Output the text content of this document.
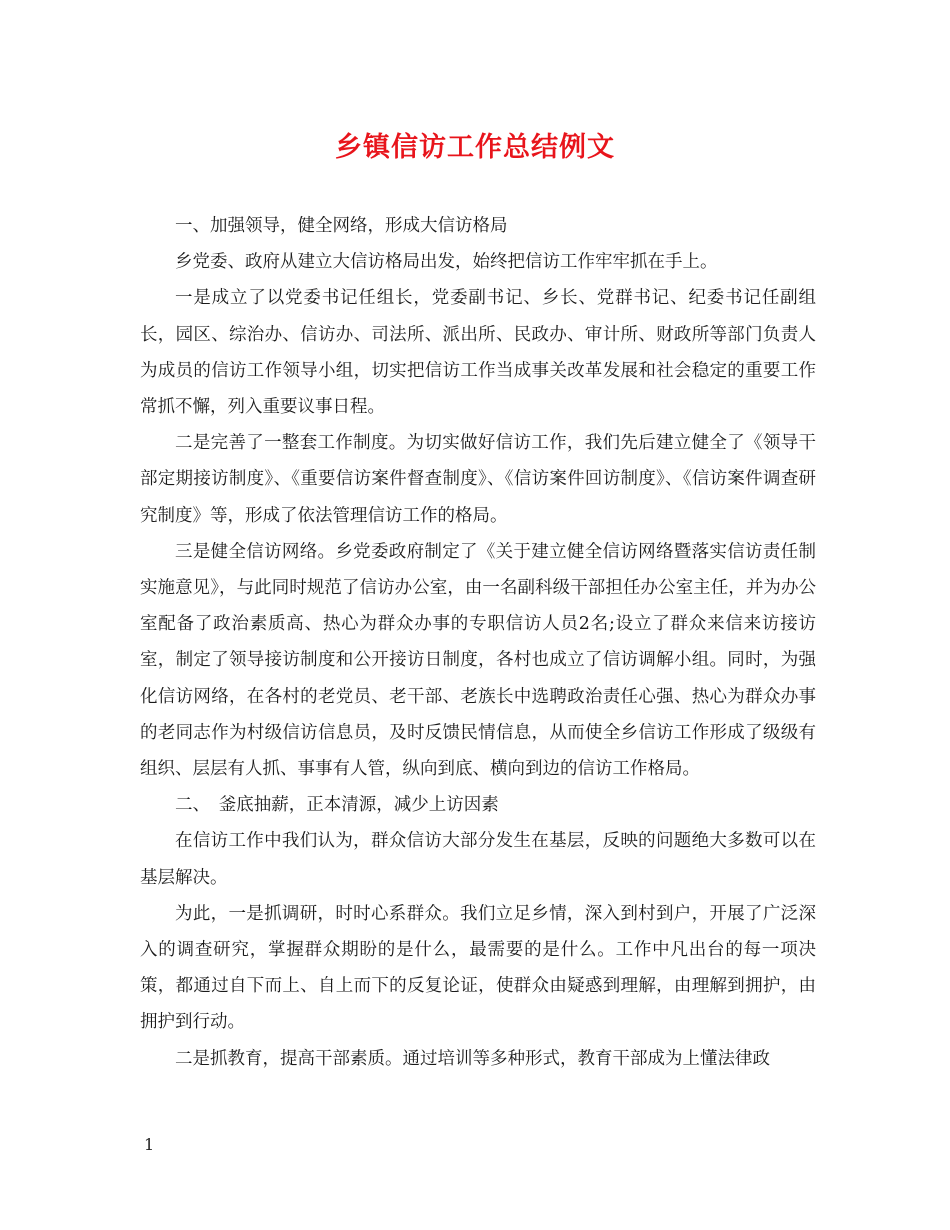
乡镇信访工作总结例文

一、加强领导，健全网络，形成大信访格局

乡党委、政府从建立大信访格局出发，始终把信访工作牢牢抓在手上。

一是成立了以党委书记任组长，党委副书记、乡长、党群书记、纪委书记任副组长，园区、综治办、信访办、司法所、派出所、民政办、审计所、财政所等部门负责人为成员的信访工作领导小组，切实把信访工作当成事关改革发展和社会稳定的重要工作常抓不懈，列入重要议事日程。

二是完善了一整套工作制度。为切实做好信访工作，我们先后建立健全了《领导干部定期接访制度》、《重要信访案件督查制度》、《信访案件回访制度》、《信访案件调查研究制度》等，形成了依法管理信访工作的格局。

三是健全信访网络。乡党委政府制定了《关于建立健全信访网络暨落实信访责任制实施意见》，与此同时规范了信访办公室，由一名副科级干部担任办公室主任，并为办公室配备了政治素质高、热心为群众办事的专职信访人员2名;设立了群众来信来访接访室，制定了领导接访制度和公开接访日制度，各村也成立了信访调解小组。同时，为强化信访网络，在各村的老党员、老干部、老族长中选聘政治责任心强、热心为群众办事的老同志作为村级信访信息员，及时反馈民情信息，从而使全乡信访工作形成了级级有组织、层层有人抓、事事有人管，纵向到底、横向到边的信访工作格局。

二、　釜底抽薪，正本清源，减少上访因素

在信访工作中我们认为，群众信访大部分发生在基层，反映的问题绝大多数可以在基层解决。

为此，一是抓调研，时时心系群众。我们立足乡情，深入到村到户，开展了广泛深入的调查研究，掌握群众期盼的是什么，最需要的是什么。工作中凡出台的每一项决策，都通过自下而上、自上而下的反复论证，使群众由疑惑到理解，由理解到拥护，由拥护到行动。

二是抓教育，提高干部素质。通过培训等多种形式，教育干部成为上懂法律政

1
